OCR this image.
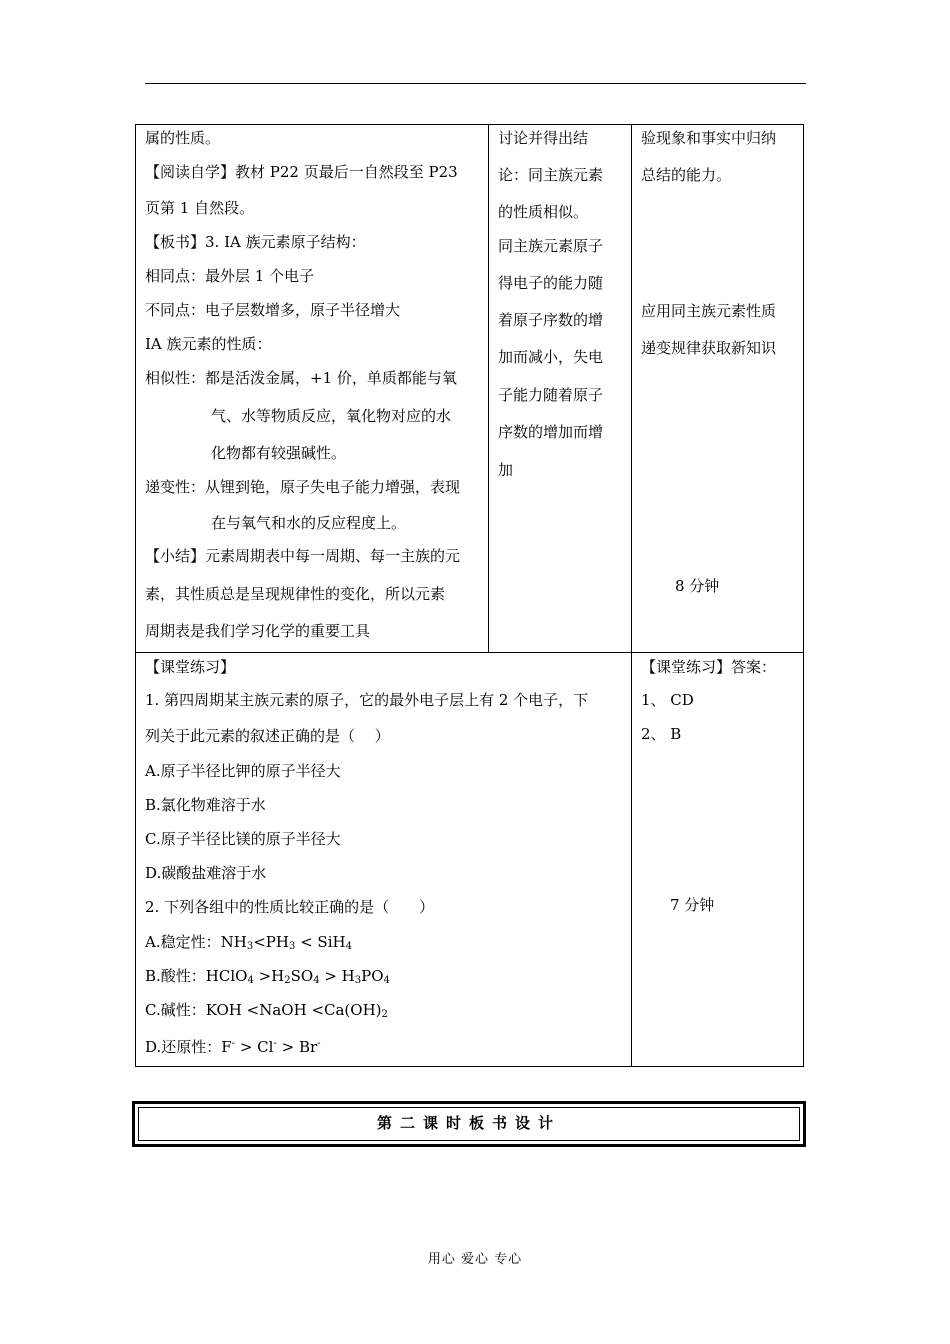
属的性质。
【阅读自学】教材 P22 页最后一自然段至 P23
页第 1 自然段。
【板书】3. ⅠA 族元素原子结构：
相同点：最外层 1 个电子
不同点：电子层数增多，原子半径增大
ⅠA 族元素的性质：
相似性：都是活泼金属，+1 价，单质都能与氧
气、水等物质反应，氧化物对应的水
化物都有较强碱性。
递变性：从锂到铯，原子失电子能力增强，表现
在与氧气和水的反应程度上。
【小结】元素周期表中每一周期、每一主族的元
素，其性质总是呈现规律性的变化，所以元素
周期表是我们学习化学的重要工具
讨论并得出结
论：同主族元素
的性质相似。
同主族元素原子
得电子的能力随
着原子序数的增
加而减小，失电
子能力随着原子
序数的增加而增
加
验现象和事实中归纳
总结的能力。
应用同主族元素性质
递变规律获取新知识
8 分钟
【课堂练习】
1. 第四周期某主族元素的原子，它的最外电子层上有 2 个电子，下
列关于此元素的叙述正确的是（　 ）
A.原子半径比钾的原子半径大
B.氯化物难溶于水
C.原子半径比镁的原子半径大
D.碳酸盐难溶于水
2. 下列各组中的性质比较正确的是（　　）
A.稳定性：$NH_3<PH_3 < SiH_4$
B.酸性：HClO$_4$ $>H_2SO_4 > H_3PO_4$
C.碱性：KOH <NaOH $<Ca(OH)_2$
D.还原性：F- > Cl- > Br-
【课堂练习】答案：
1、 CD
2、 B
7 分钟
第二课时板书设计
用心 爱心 专心
